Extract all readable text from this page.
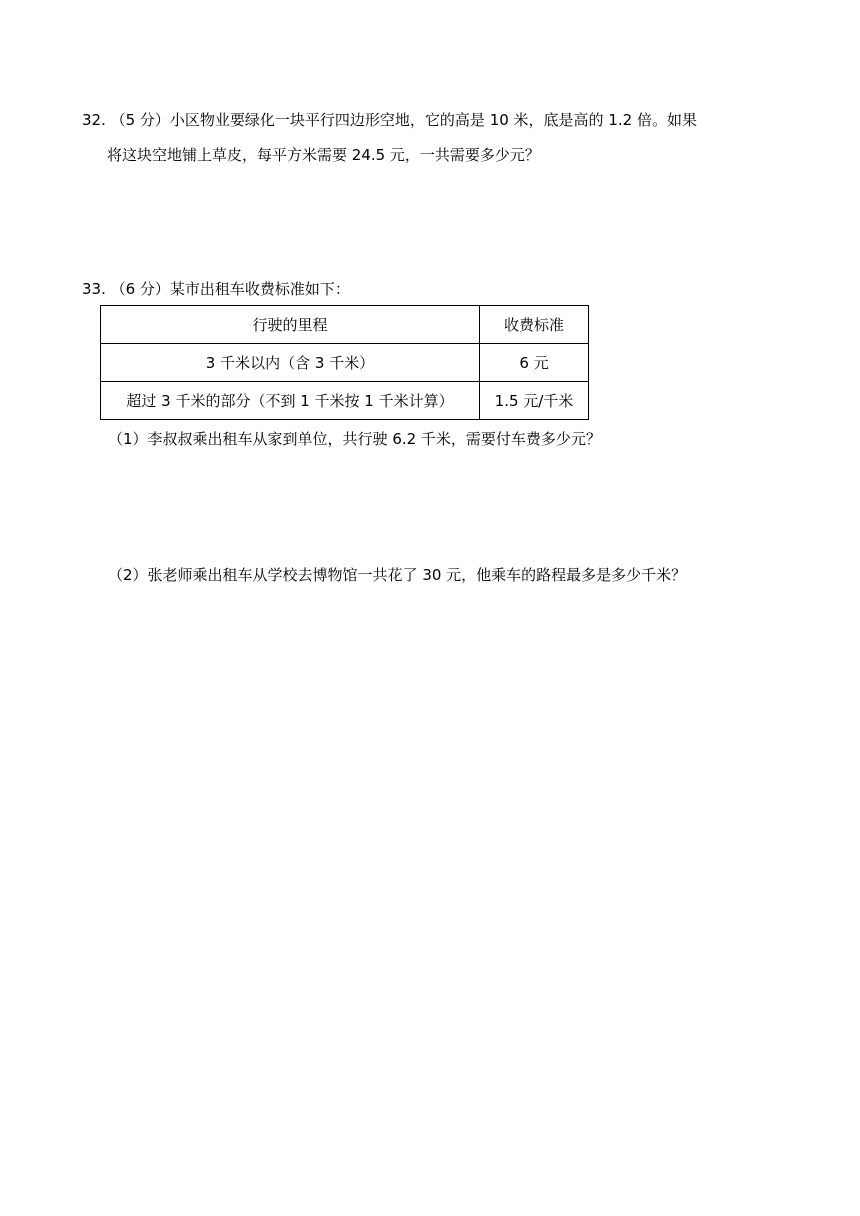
32. （5 分）小区物业要绿化一块平行四边形空地，它的高是 10 米，底是高的 1.2 倍。如果
将这块空地铺上草皮，每平方米需要 24.5 元，一共需要多少元？
33. （6 分）某市出租车收费标准如下：
行驶的里程	收费标准
3 千米以内（含 3 千米）	6 元
超过 3 千米的部分（不到 1 千米按 1 千米计算）	1.5 元/千米
（1）李叔叔乘出租车从家到单位，共行驶 6.2 千米，需要付车费多少元？
（2）张老师乘出租车从学校去博物馆一共花了 30 元，他乘车的路程最多是多少千米？
